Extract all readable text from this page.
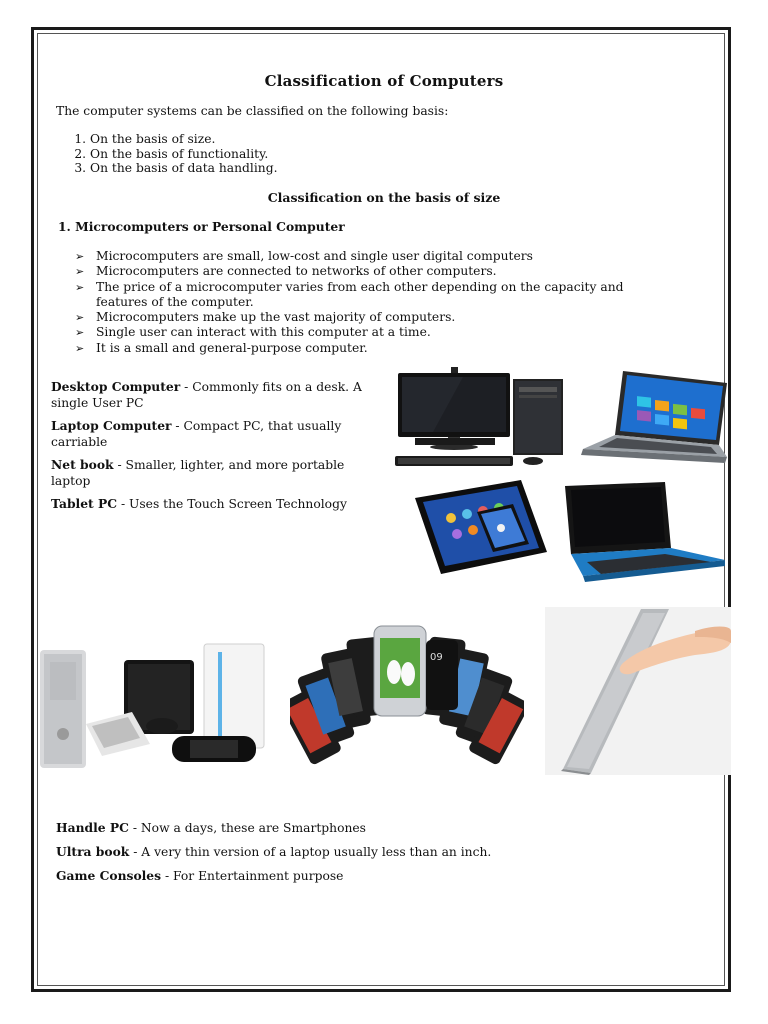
Classification of Computers
The computer systems can be classified on the following basis:
1. On the basis of size.
2. On the basis of functionality.
3. On the basis of data handling.
Classification on the basis of size
1. Microcomputers or Personal Computer
➢ Microcomputers are small, low-cost and single user digital computers
➢ Microcomputers are connected to networks of other computers.
➢ The price of a microcomputer varies from each other depending on the capacity and features of the computer.
➢ Microcomputers make up the vast majority of computers.
➢ Single user can interact with this computer at a time.
➢ It is a small and general-purpose computer.
Desktop Computer - Commonly fits on a desk. A single User PC
Laptop Computer - Compact PC, that usually carriable
Net book - Smaller, lighter, and more portable laptop
Tablet PC - Uses the Touch Screen Technology
09
Handle PC - Now a days, these are Smartphones
Ultra book - A very thin version of a laptop usually less than an inch.
Game Consoles - For Entertainment purpose
